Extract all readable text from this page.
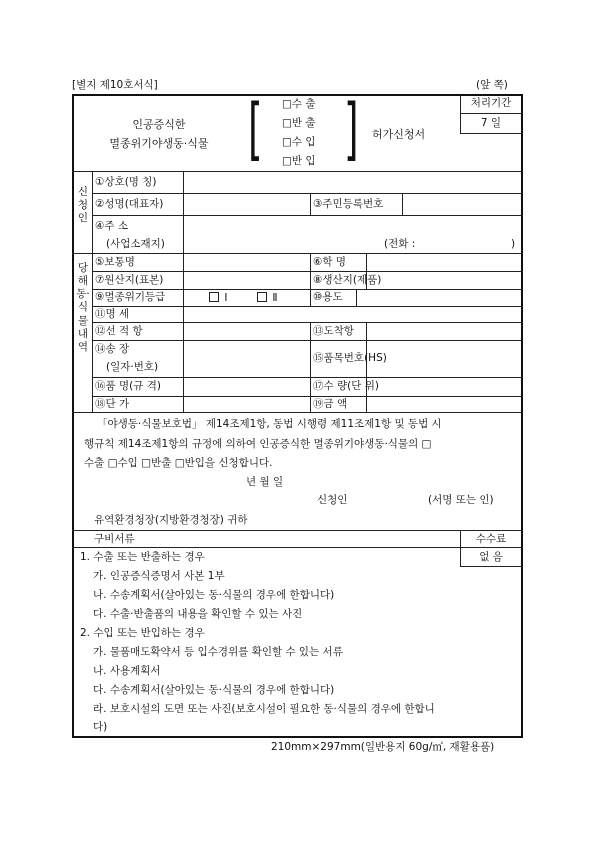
[별지 제10호서식]	(앞 쪽)
인공증식한
멸종위기야생동·식물 [ ]
□수 출
□반 출
□수 입
□반 입
허가신청서
처리기간
7 일
신청인
①상호(명 칭)
②성명(대표자)	③주민등록번호
④주 소
(사업소재지)	(전화 :	)
당해동·식물내역
⑤보통명	⑥학 명
⑦원산지(표본)	⑧생산지(제품)
⑨멸종위기등급	Ⅰ	Ⅱ	⑩용도
⑪명 세
⑫선 적 항	⑬도착항
⑭송 장
(일자·번호)
⑮품목번호(HS)
⑯품 명(규 격)	⑰수 량(단 위)
⑱단 가	⑲금 액
「야생동·식물보호법」 제14조제1항, 동법 시행령 제11조제1항 및 동법 시
행규칙 제14조제1항의 규정에 의하여 인공증식한 멸종위기야생동·식물의 □
수출 □수입 □반출 □반입을 신청합니다.
년 월 일
신청인	(서명 또는 인)
유역환경청장(지방환경청장) 귀하
수수료
없 음
구비서류
1. 수출 또는 반출하는 경우
가. 인공증식증명서 사본 1부
나. 수송계획서(살아있는 동·식물의 경우에 한합니다)
다. 수출·반출품의 내용을 확인할 수 있는 사진
2. 수입 또는 반입하는 경우
가. 물품매도확약서 등 입수경위를 확인할 수 있는 서류
나. 사용계획서
다. 수송계획서(살아있는 동·식물의 경우에 한합니다)
라. 보호시설의 도면 또는 사진(보호시설이 필요한 동·식물의 경우에 한합니
다)
210mm×297mm(일반용지 60g/㎡, 재활용품)
